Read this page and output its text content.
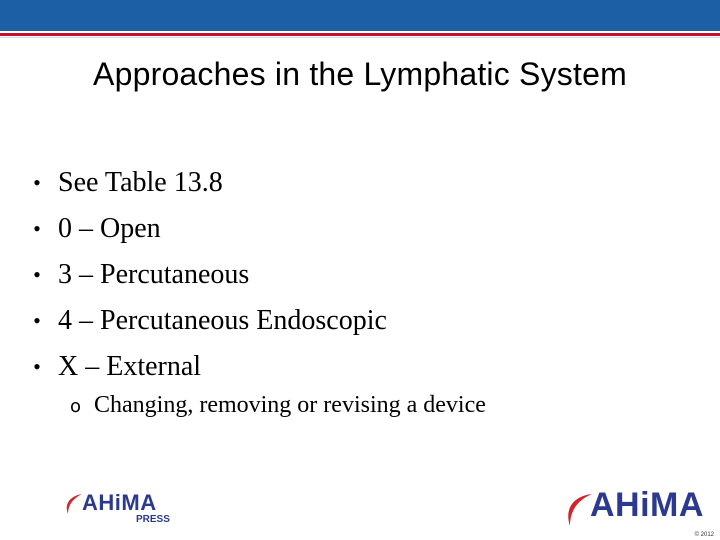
Approaches in the Lymphatic System
• See Table 13.8
• 0 – Open
• 3 – Percutaneous
• 4 – Percutaneous Endoscopic
• X – External
o Changing, removing or revising a device
AHiMA
PRESS	AHiMA
© 2012
